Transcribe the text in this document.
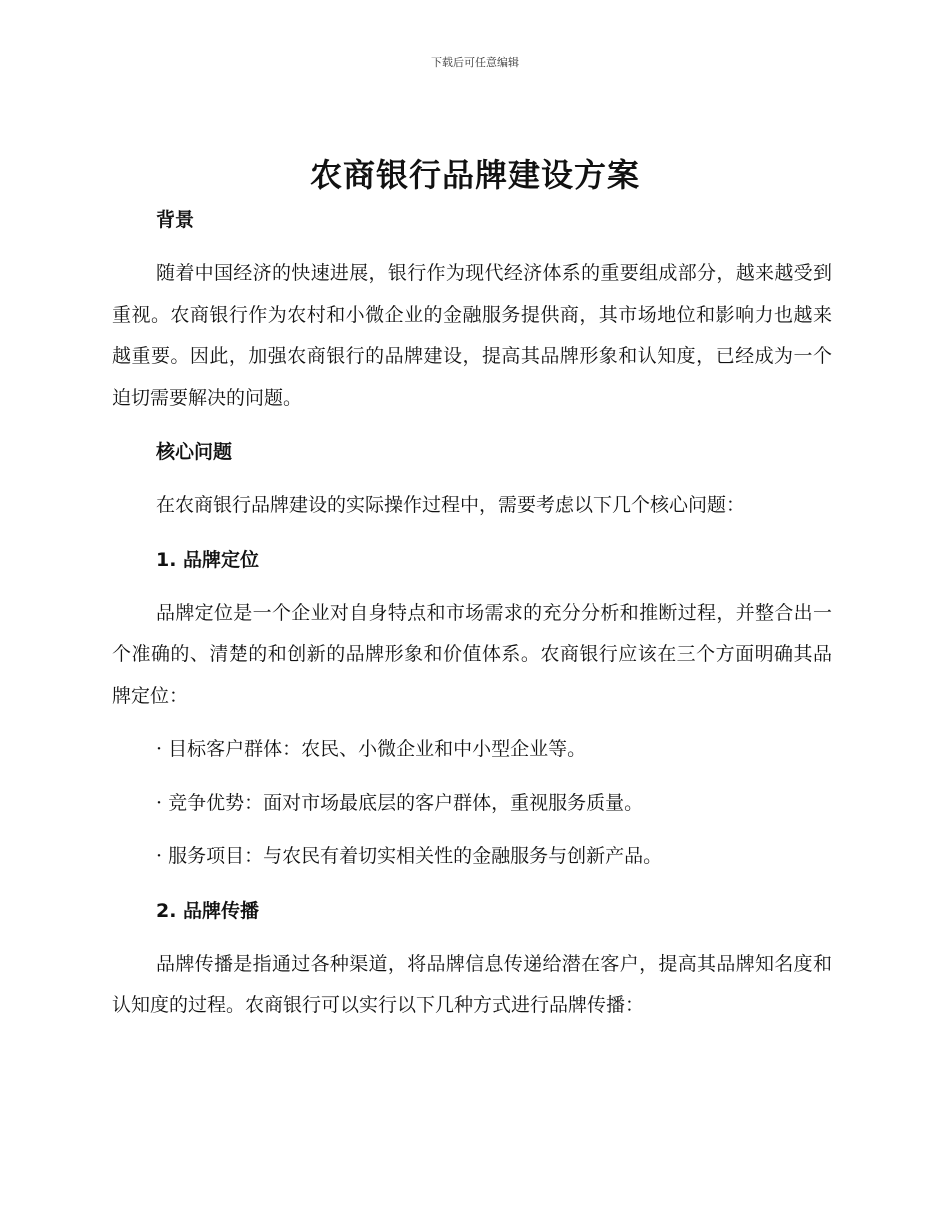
下载后可任意编辑
农商银行品牌建设方案
背景

随着中国经济的快速进展，银行作为现代经济体系的重要组成部分，越来越受到重视。农商银行作为农村和小微企业的金融服务提供商，其市场地位和影响力也越来越重要。因此，加强农商银行的品牌建设，提高其品牌形象和认知度，已经成为一个迫切需要解决的问题。

核心问题

在农商银行品牌建设的实际操作过程中，需要考虑以下几个核心问题：

1. 品牌定位

品牌定位是一个企业对自身特点和市场需求的充分分析和推断过程，并整合出一个准确的、清楚的和创新的品牌形象和价值体系。农商银行应该在三个方面明确其品牌定位：

· 目标客户群体：农民、小微企业和中小型企业等。

· 竞争优势：面对市场最底层的客户群体，重视服务质量。

· 服务项目：与农民有着切实相关性的金融服务与创新产品。

2. 品牌传播

品牌传播是指通过各种渠道，将品牌信息传递给潜在客户，提高其品牌知名度和认知度的过程。农商银行可以实行以下几种方式进行品牌传播：
